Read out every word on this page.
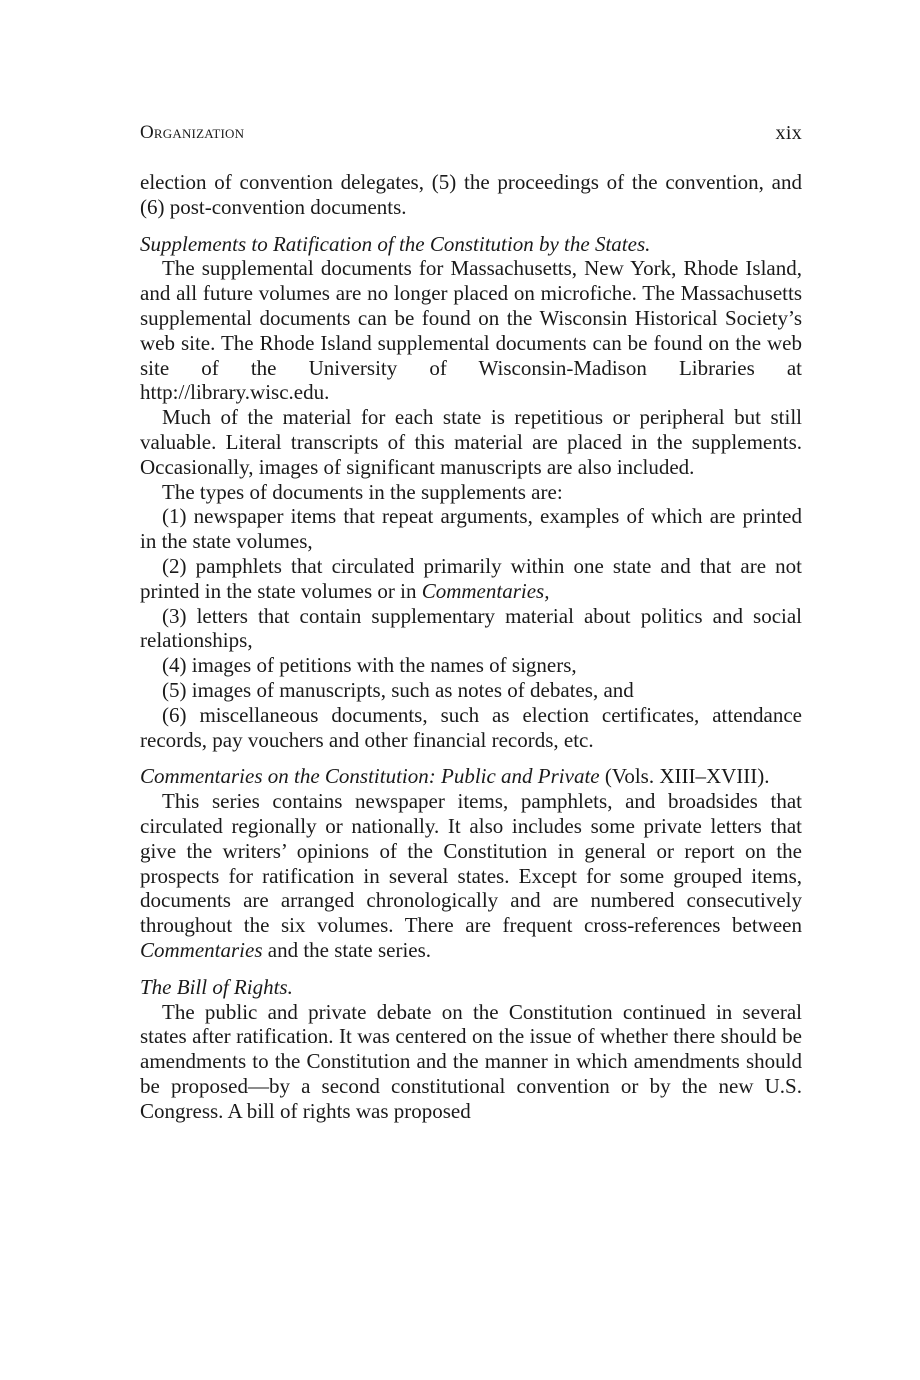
Organization	xix

election of convention delegates, (5) the proceedings of the convention, and (6) post-convention documents.

Supplements to Ratification of the Constitution by the States.

The supplemental documents for Massachusetts, New York, Rhode Island, and all future volumes are no longer placed on microfiche. The Massachusetts supplemental documents can be found on the Wisconsin Historical Society’s web site. The Rhode Island supplemental documents can be found on the web site of the University of Wisconsin-Madison Libraries at http://library.wisc.edu.

Much of the material for each state is repetitious or peripheral but still valuable. Literal transcripts of this material are placed in the supplements. Occasionally, images of significant manuscripts are also included.

The types of documents in the supplements are:

(1) newspaper items that repeat arguments, examples of which are printed in the state volumes,

(2) pamphlets that circulated primarily within one state and that are not printed in the state volumes or in Commentaries,

(3) letters that contain supplementary material about politics and social relationships,

(4) images of petitions with the names of signers,

(5) images of manuscripts, such as notes of debates, and

(6) miscellaneous documents, such as election certificates, attendance records, pay vouchers and other financial records, etc.

Commentaries on the Constitution: Public and Private (Vols. XIII–XVIII).

This series contains newspaper items, pamphlets, and broadsides that circulated regionally or nationally. It also includes some private letters that give the writers’ opinions of the Constitution in general or report on the prospects for ratification in several states. Except for some grouped items, documents are arranged chronologically and are numbered consecutively throughout the six volumes. There are frequent cross-references between Commentaries and the state series.

The Bill of Rights.

The public and private debate on the Constitution continued in several states after ratification. It was centered on the issue of whether there should be amendments to the Constitution and the manner in which amendments should be proposed—by a second constitutional convention or by the new U.S. Congress. A bill of rights was proposed
